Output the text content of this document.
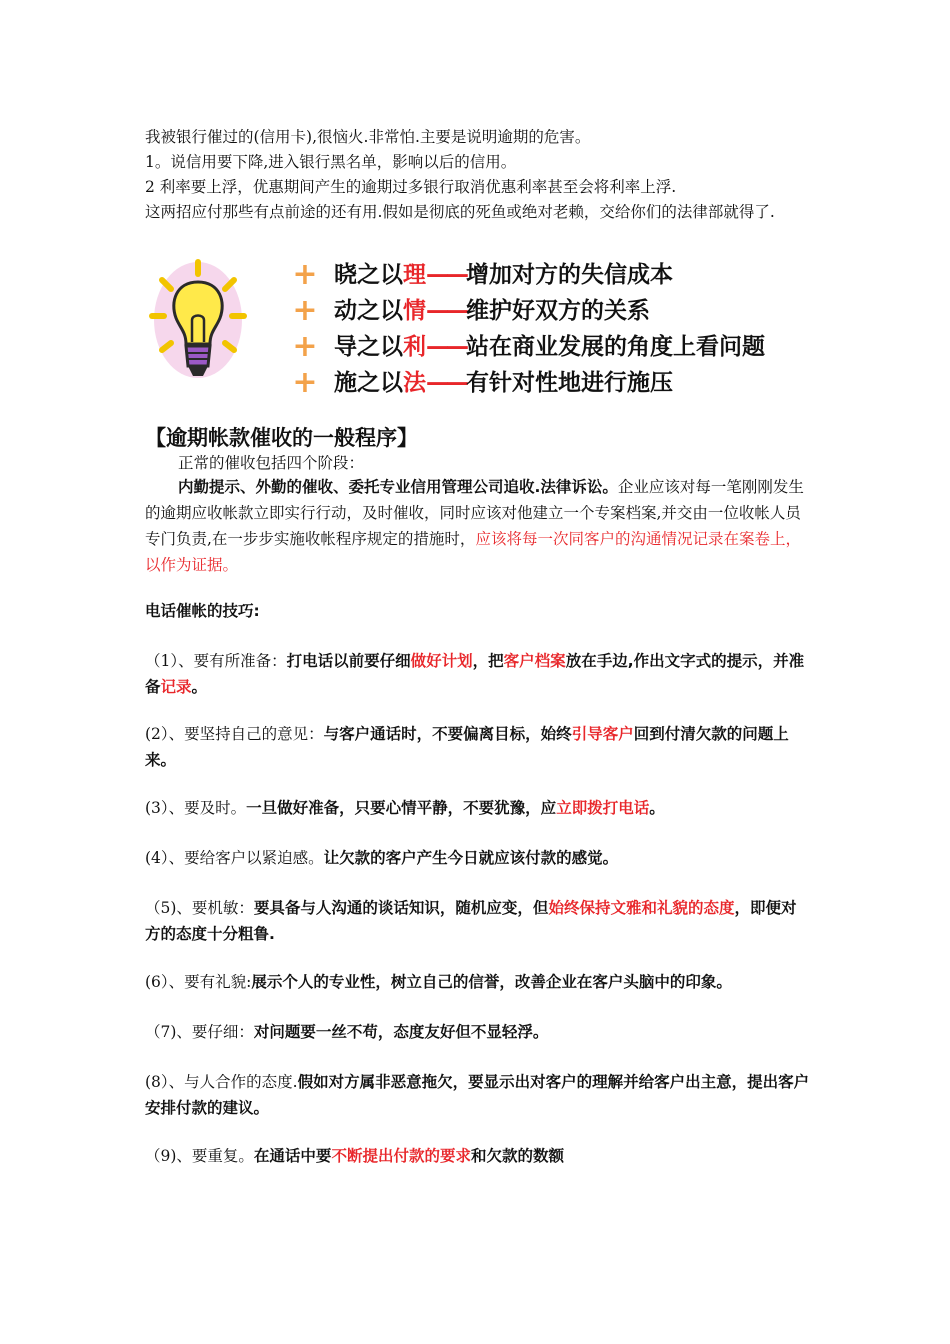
我被银行催过的(信用卡),很恼火.非常怕.主要是说明逾期的危害。
1。说信用要下降,进入银行黑名单，影响以后的信用。
2 利率要上浮，优惠期间产生的逾期过多银行取消优惠利率甚至会将利率上浮.
这两招应付那些有点前途的还有用.假如是彻底的死鱼或绝对老赖，交给你们的法律部就得了.
+ 晓之以理——增加对方的失信成本
+ 动之以情——维护好双方的关系
+ 导之以利——站在商业发展的角度上看问题
+ 施之以法——有针对性地进行施压
【逾期帐款催收的一般程序】
正常的催收包括四个阶段：
内勤提示、外勤的催收、委托专业信用管理公司追收.法律诉讼。企业应该对每一笔刚刚发生的逾期应收帐款立即实行行动，及时催收，同时应该对他建立一个专案档案,并交由一位收帐人员专门负责,在一步步实施收帐程序规定的措施时，应该将每一次同客户的沟通情况记录在案卷上，以作为证据。
电话催帐的技巧:
（1）、要有所准备：打电话以前要仔细做好计划，把客户档案放在手边,作出文字式的提示，并准备记录。
(2）、要坚持自己的意见：与客户通话时，不要偏离目标，始终引导客户回到付清欠款的问题上来。
(3）、要及时。一旦做好准备，只要心情平静，不要犹豫，应立即拨打电话。
(4）、要给客户以紧迫感。让欠款的客户产生今日就应该付款的感觉。
（5)、要机敏：要具备与人沟通的谈话知识，随机应变，但始终保持文雅和礼貌的态度，即便对方的态度十分粗鲁.
(6）、要有礼貌:展示个人的专业性，树立自己的信誉，改善企业在客户头脑中的印象。
（7)、要仔细：对问题要一丝不苟，态度友好但不显轻浮。
(8）、与人合作的态度.假如对方属非恶意拖欠，要显示出对客户的理解并给客户出主意，提出客户安排付款的建议。
（9)、要重复。在通话中要不断提出付款的要求和欠款的数额
